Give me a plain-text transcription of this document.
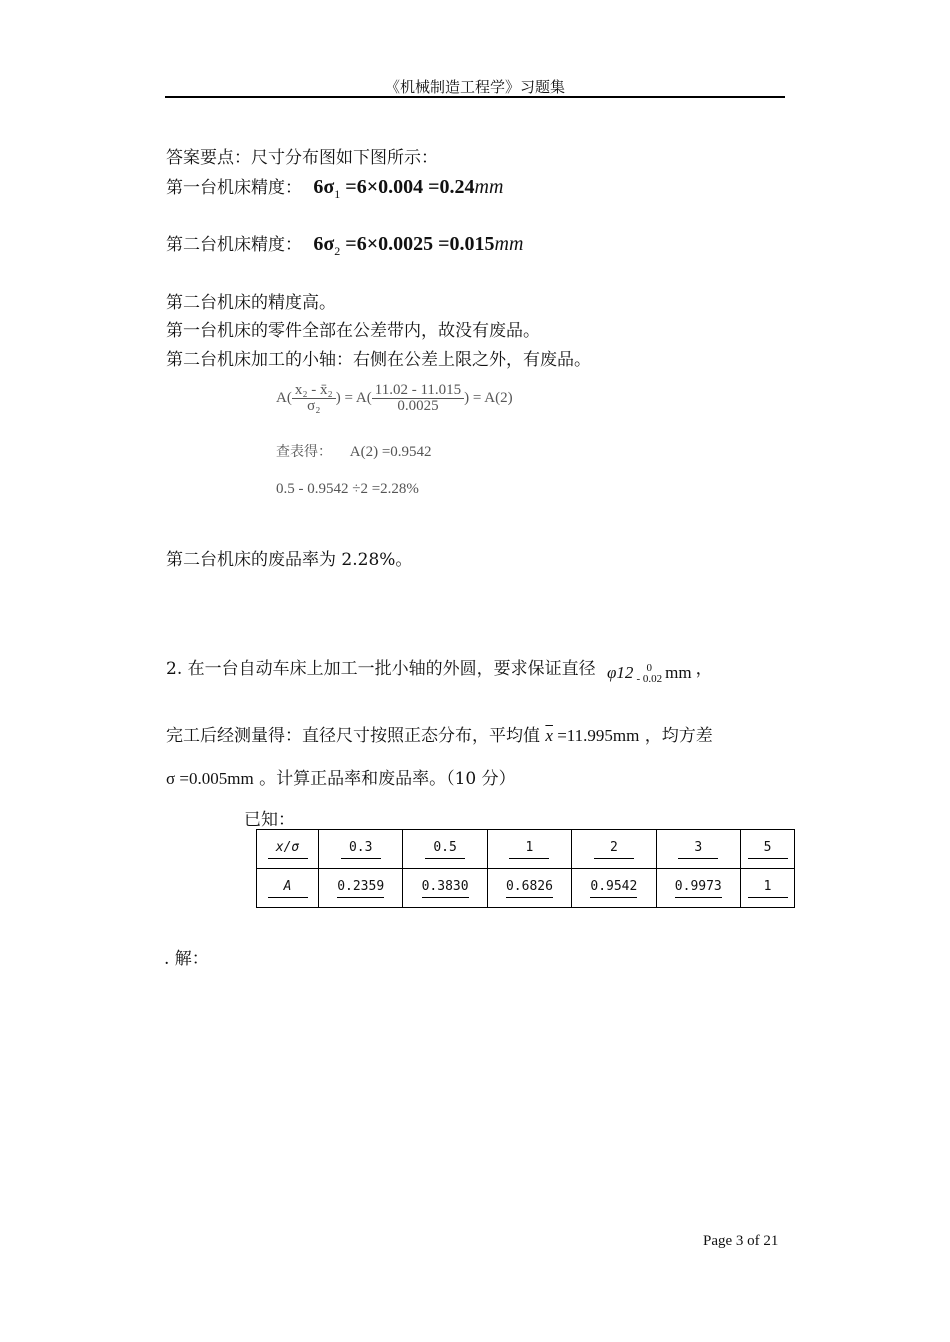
《机械制造工程学》习题集
答案要点：尺寸分布图如下图所示：
第一台机床精度： $6\sigma_1 =6\times 0.004 =0.24mm$
第二台机床精度： $6\sigma_2 =6\times 0.0025 =0.015mm$
第二台机床的精度高。
第一台机床的零件全部在公差带内，故没有废品。
第二台机床加工的小轴：右侧在公差上限之外，有废品。
$A( \frac{\text{x₂ - x̄₂}}{\text{σ₂}}$ ) = $A( \frac{11.02 - 11.015}{0.0025}$ ) = A(2)
查表得： A(2) =0.9542
0.5 - 0.9542 ÷2 =2.28%
第二台机床的废品率为 2.28%。
2. 在一台自动车床上加工一批小轴的外圆，要求保证直径 φ12	0
- 0.02 mm ，
完工后经测量得：直径尺寸按照正态分布，平均值 $\overline{x} =11.995mm$ ，均方差
σ =0.005mm 。计算正品率和废品率。（10 分）
已知：
x/σ	0.3	0.5	1	2	3	5
A	0.2359	0.3830	0.6826	0.9542	0.9973	1
. 解：
Page 3 of 21
